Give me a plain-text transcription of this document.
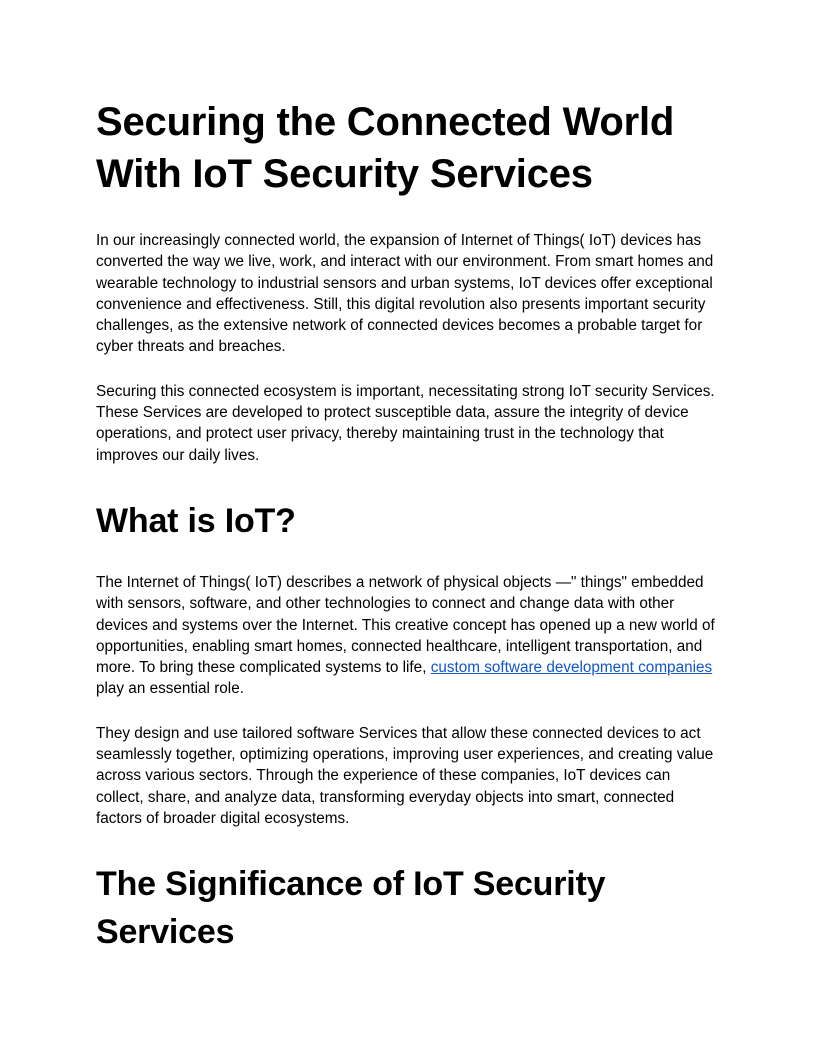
Securing the Connected World With IoT Security Services

In our increasingly connected world, the expansion of Internet of Things( IoT) devices has converted the way we live, work, and interact with our environment. From smart homes and wearable technology to industrial sensors and urban systems, IoT devices offer exceptional convenience and effectiveness. Still, this digital revolution also presents important security challenges, as the extensive network of connected devices becomes a probable target for cyber threats and breaches.

Securing this connected ecosystem is important, necessitating strong IoT security Services. These Services are developed to protect susceptible data, assure the integrity of device operations, and protect user privacy, thereby maintaining trust in the technology that improves our daily lives.

What is IoT?

The Internet of Things( IoT) describes a network of physical objects —" things" embedded with sensors, software, and other technologies to connect and change data with other devices and systems over the Internet. This creative concept has opened up a new world of opportunities, enabling smart homes, connected healthcare, intelligent transportation, and more. To bring these complicated systems to life, custom software development companies play an essential role.

They design and use tailored software Services that allow these connected devices to act seamlessly together, optimizing operations, improving user experiences, and creating value across various sectors. Through the experience of these companies, IoT devices can collect, share, and analyze data, transforming everyday objects into smart, connected factors of broader digital ecosystems.

The Significance of IoT Security Services
